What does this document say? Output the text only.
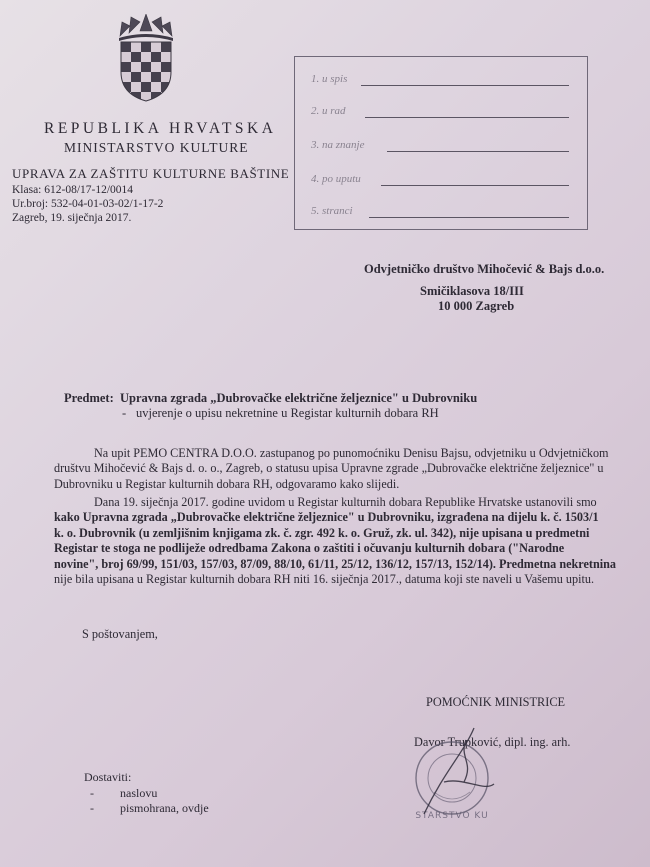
REPUBLIKA HRVATSKA
MINISTARSTVO KULTURE
UPRAVA ZA ZAŠTITU KULTURNE BAŠTINE
Klasa: 612-08/17-12/0014
Ur.broj: 532-04-01-03-02/1-17-2
Zagreb, 19. siječnja 2017.
1. u spis
2. u rad
3. na znanje
4. po uputu
5. stranci
Odvjetničko društvo Mihočević & Bajs d.o.o.
Smičiklasova 18/III
10 000 Zagreb
Predmet: Upravna zgrada „Dubrovačke električne željeznice" u Dubrovniku
- uvjerenje o upisu nekretnine u Registar kulturnih dobara RH
Na upit PEMO CENTRA D.O.O. zastupanog po punomoćniku Denisu Bajsu, odvjetniku u Odvjetničkom
društvu Mihočević & Bajs d. o. o., Zagreb, o statusu upisa Upravne zgrade „Dubrovačke električne željeznice" u
Dubrovniku u Registar kulturnih dobara RH, odgovaramo kako slijedi.
Dana 19. siječnja 2017. godine uvidom u Registar kulturnih dobara Republike Hrvatske ustanovili smo
kako Upravna zgrada „Dubrovačke električne željeznice" u Dubrovniku, izgrađena na dijelu k. č. 1503/1
k. o. Dubrovnik (u zemljišnim knjigama zk. č. zgr. 492 k. o. Gruž, zk. ul. 342), nije upisana u predmetni
Registar te stoga ne podliježe odredbama Zakona o zaštiti i očuvanju kulturnih dobara ("Narodne
novine", broj 69/99, 151/03, 157/03, 87/09, 88/10, 61/11, 25/12, 136/12, 157/13, 152/14). Predmetna nekretnina
nije bila upisana u Registar kulturnih dobara RH niti 16. siječnja 2017., datuma koji ste naveli u Vašemu upitu.
S poštovanjem,
POMOĆNIK MINISTRICE
Davor Trupković, dipl. ing. arh.
STARSTVO KU
Dostaviti:
- naslovu
- pismohrana, ovdje
